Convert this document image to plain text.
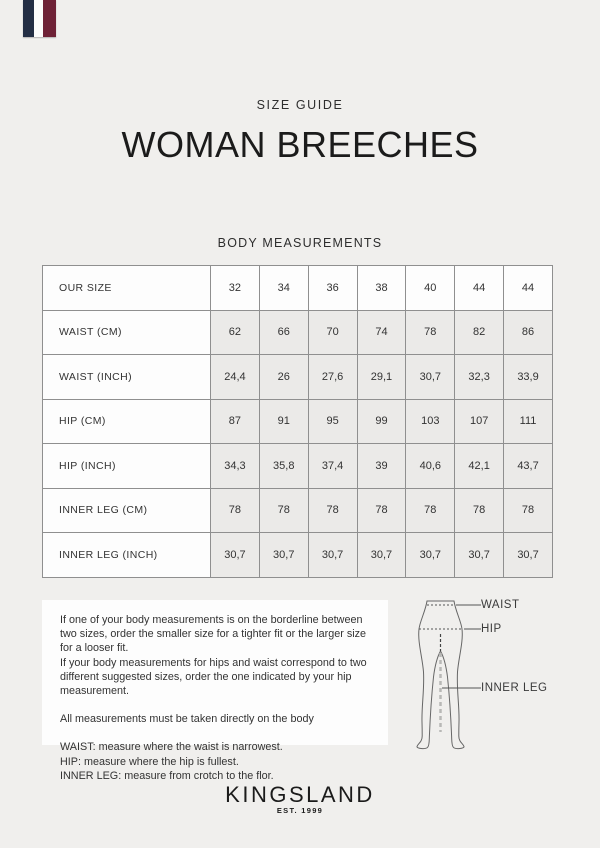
SIZE GUIDE
WOMAN BREECHES
BODY MEASUREMENTS
OUR SIZE	32	34	36	38	40	44	44
WAIST (CM)	62	66	70	74	78	82	86
WAIST (INCH)	24,4	26	27,6	29,1	30,7	32,3	33,9
HIP (CM)	87	91	95	99	103	107	111
HIP (INCH)	34,3	35,8	37,4	39	40,6	42,1	43,7
INNER LEG (CM)	78	78	78	78	78	78	78
INNER LEG (INCH)	30,7	30,7	30,7	30,7	30,7	30,7	30,7

If one of your body measurements is on the borderline between two sizes, order the smaller size for a tighter fit or the larger size for a looser fit.

If your body measurements for hips and waist correspond to two different suggested sizes, order the one indicated by your hip measurement.

All measurements must be taken directly on the body

WAIST: measure where the waist is narrowest.

HIP: measure where the hip is fullest.

INNER LEG: measure from crotch to the flor.

WAIST
HIP
INNER LEG
KINGSLAND
EST. 1999
